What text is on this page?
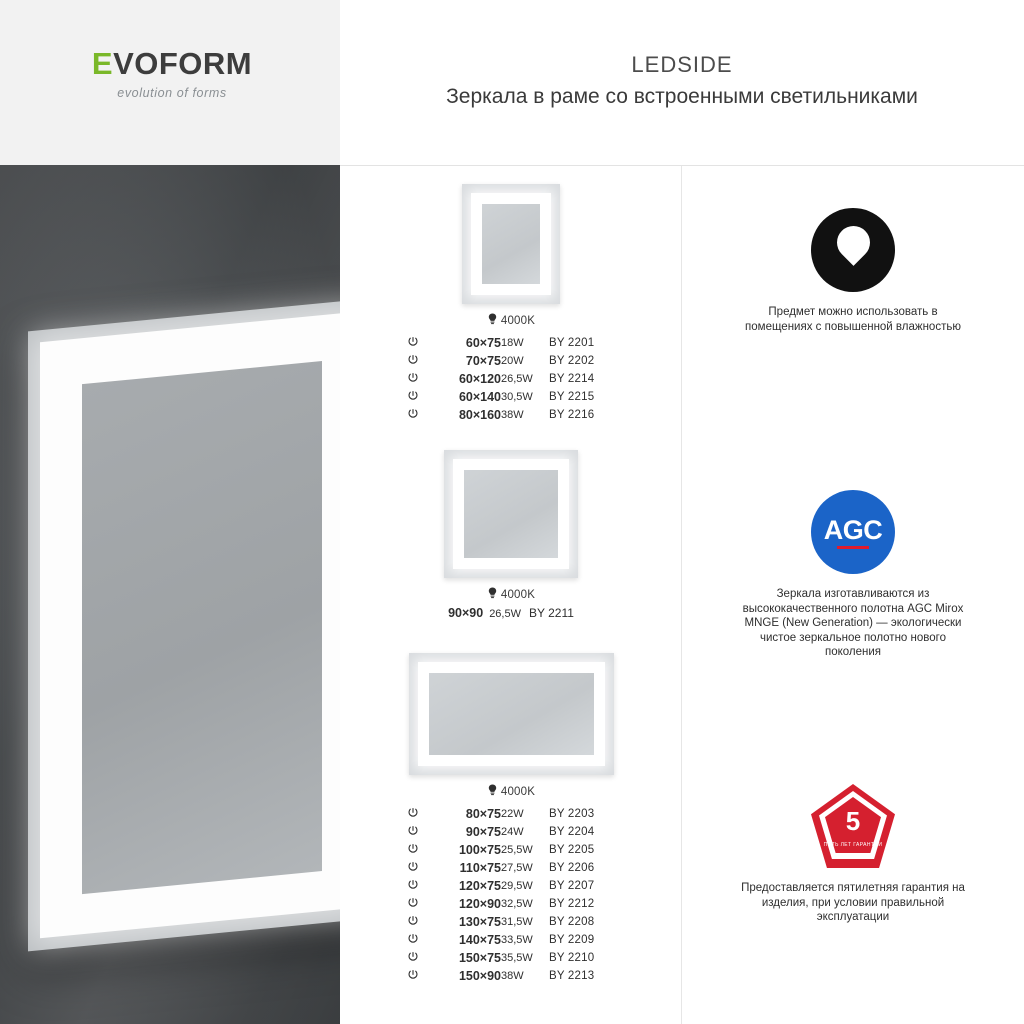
EVOFORM
evolution of forms
LEDSIDE
Зеркала в раме со встроенными светильниками
4000K
	60×75	18W	BY 2201
	70×75	20W	BY 2202
	60×120	26,5W	BY 2214
	60×140	30,5W	BY 2215
	80×160	38W	BY 2216
4000K
90×90 26,5W BY 2211
4000K
	80×75	22W	BY 2203
	90×75	24W	BY 2204
	100×75	25,5W	BY 2205
	110×75	27,5W	BY 2206
	120×75	29,5W	BY 2207
	120×90	32,5W	BY 2212
	130×75	31,5W	BY 2208
	140×75	33,5W	BY 2209
	150×75	35,5W	BY 2210
	150×90	38W	BY 2213
Предмет можно использовать в помещениях с повышенной влажностью
AGC
Зеркала изготавливаются из высококачественного полотна AGC Mirox MNGE (New Generation) — экологически чистое зеркальное полотно нового поколения
5
ПЯТЬ ЛЕТ ГАРАНТИИ
Предоставляется пятилетняя гарантия на изделия, при условии правильной эксплуатации
